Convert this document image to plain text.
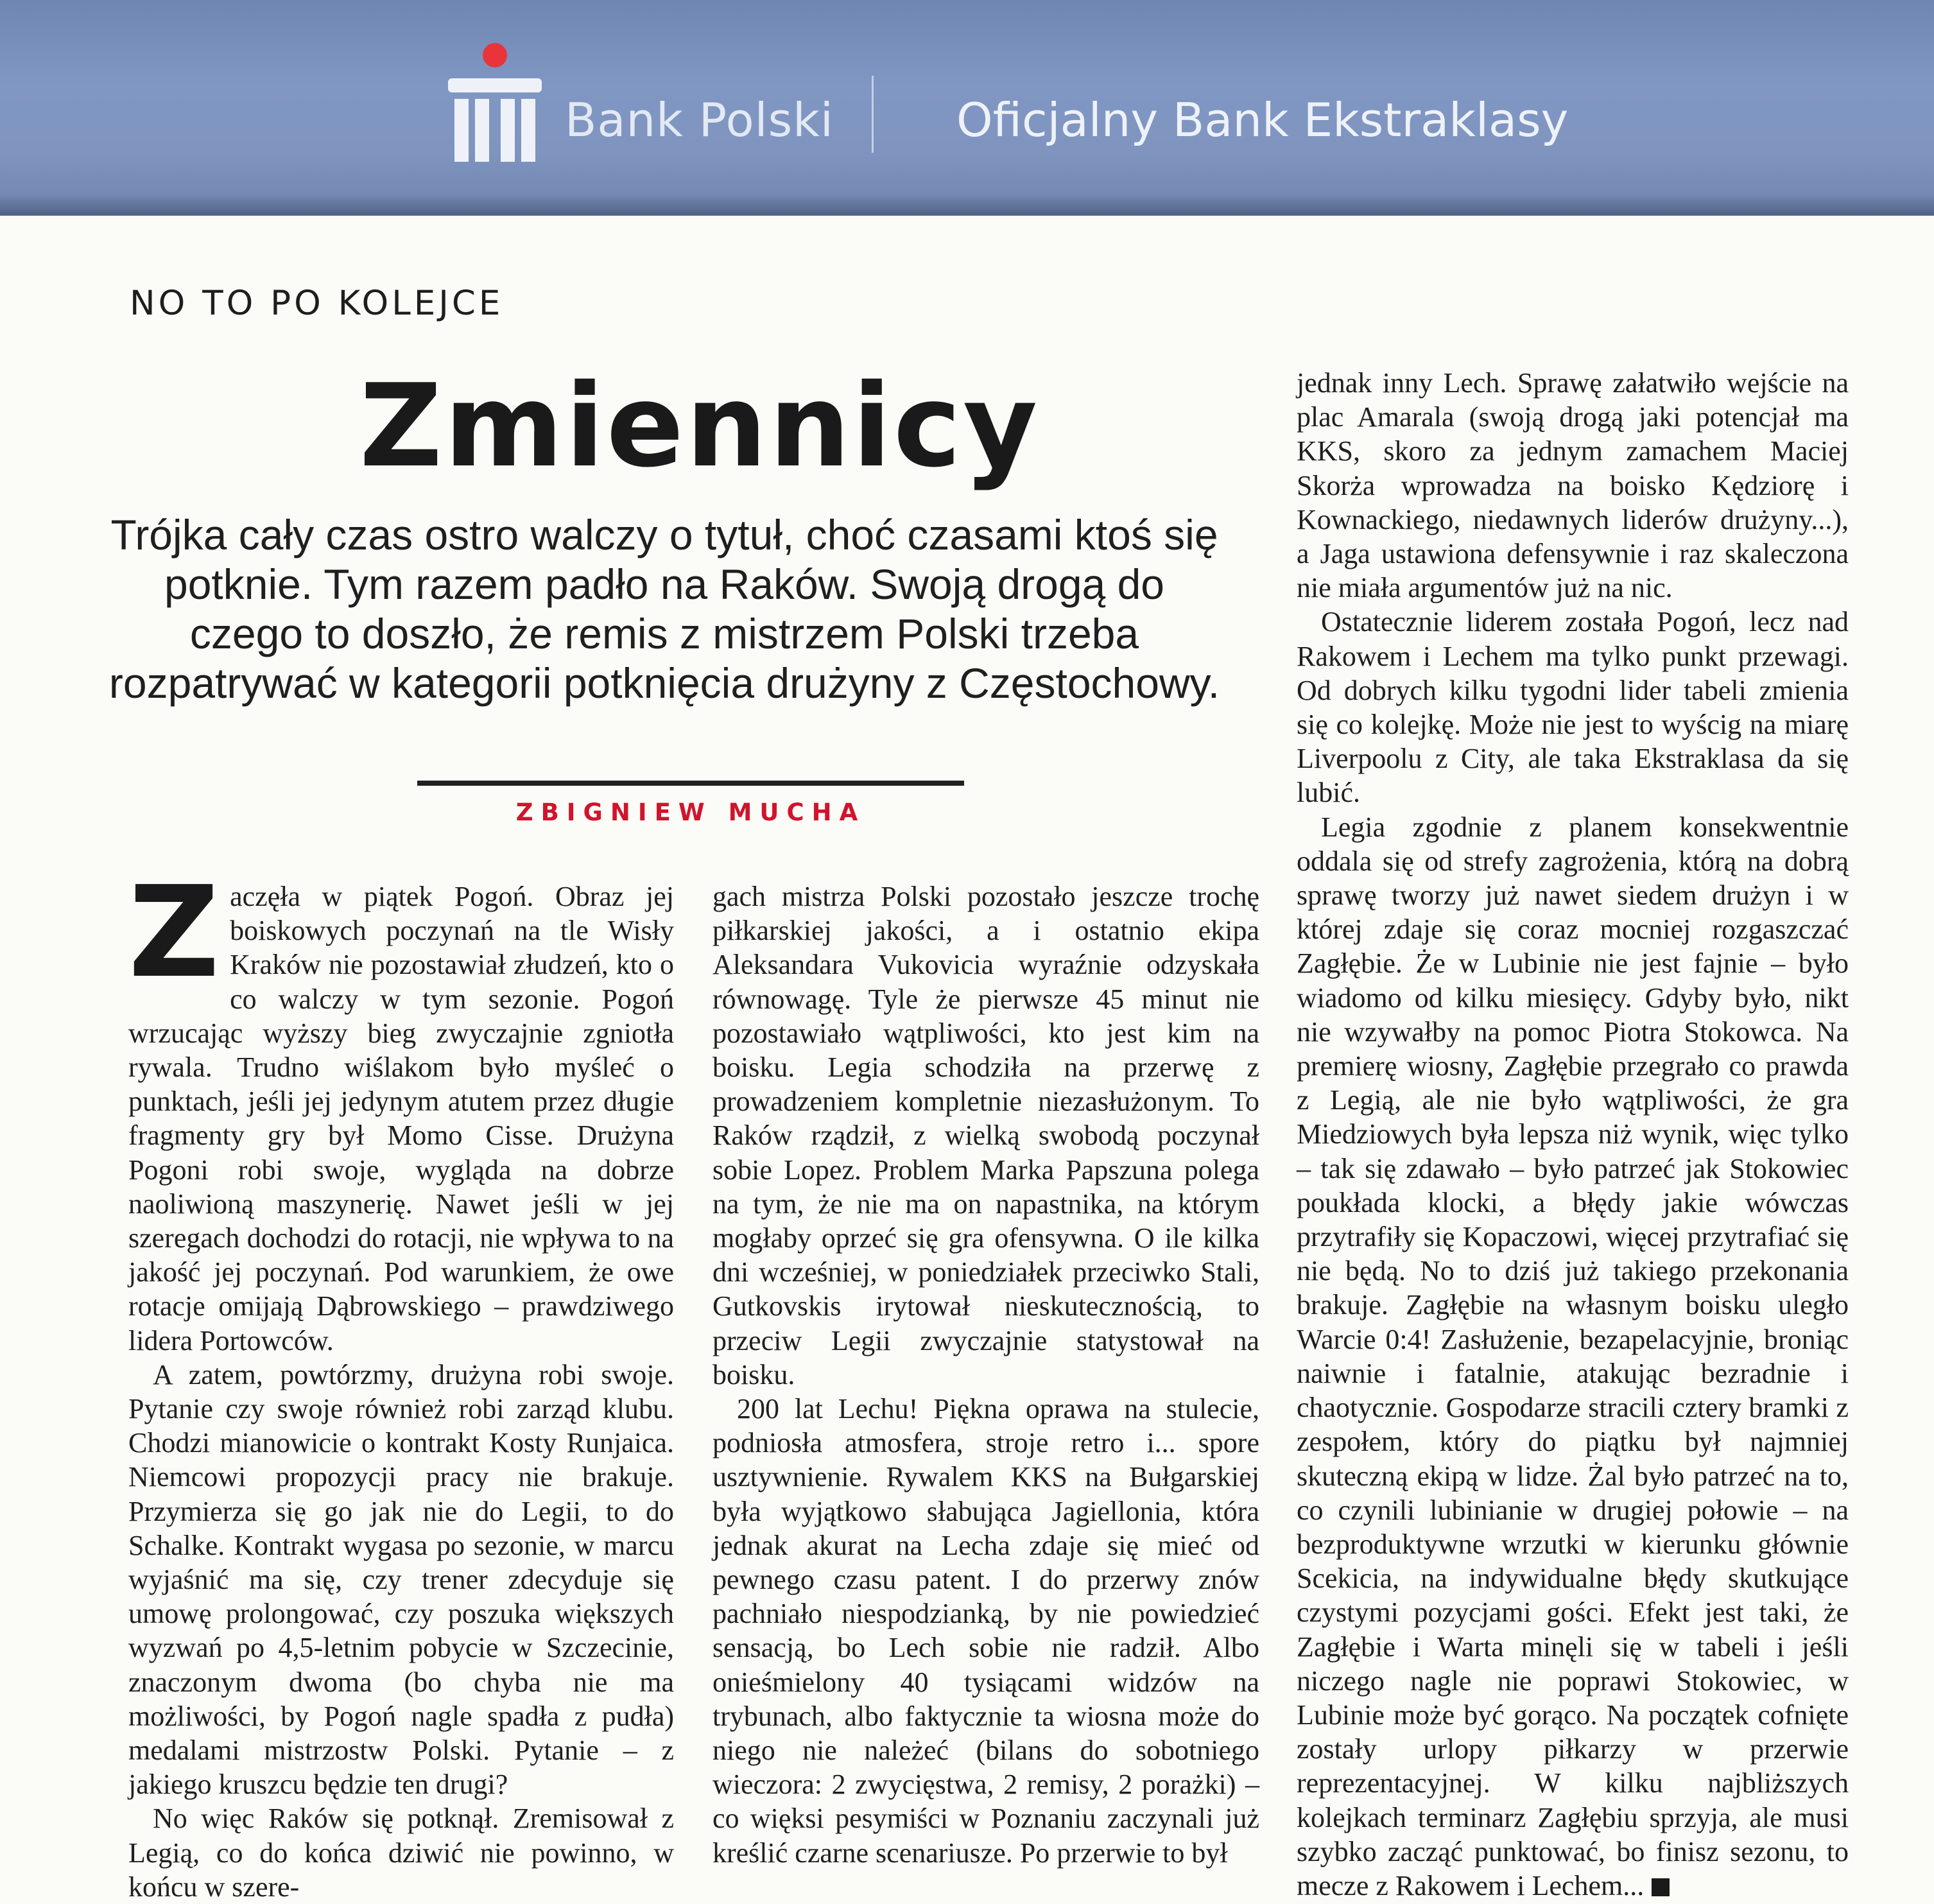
Bank Polski	Oficjalny Bank Ekstraklasy
NO TO PO KOLEJCE
Zmiennicy
Trójka cały czas ostro walczy o tytuł, choć czasami ktoś się potknie. Tym razem padło na Raków. Swoją drogą do czego to doszło, że remis z mistrzem Polski trzeba rozpatrywać w kategorii potknięcia drużyny z Częstochowy.
ZBIGNIEW MUCHA

Zaczęła w piątek Pogoń. Obraz jej boiskowych poczynań na tle Wisły Kraków nie pozostawiał złudzeń, kto o co walczy w tym sezonie. Pogoń wrzucając wyższy bieg zwyczajnie zgniotła rywala. Trudno wiślakom było myśleć o punktach, jeśli jej jedynym atutem przez długie fragmenty gry był Momo Cisse. Drużyna Pogoni robi swoje, wygląda na dobrze naoliwioną maszynerię. Nawet jeśli w jej szeregach dochodzi do rotacji, nie wpływa to na jakość jej poczynań. Pod warunkiem, że owe rotacje omijają Dąbrowskiego – prawdziwego lidera Portowców.

A zatem, powtórzmy, drużyna robi swoje. Pytanie czy swoje również robi zarząd klubu. Chodzi mianowicie o kontrakt Kosty Runjaica. Niemcowi propozycji pracy nie brakuje. Przymierza się go jak nie do Legii, to do Schalke. Kontrakt wygasa po sezonie, w marcu wyjaśnić ma się, czy trener zdecyduje się umowę prolongować, czy poszuka większych wyzwań po 4,5-letnim pobycie w Szczecinie, znaczonym dwoma (bo chyba nie ma możliwości, by Pogoń nagle spadła z pudła) medalami mistrzostw Polski. Pytanie – z jakiego kruszcu będzie ten drugi?

No więc Raków się potknął. Zremisował z Legią, co do końca dziwić nie powinno, w końcu w szere-

gach mistrza Polski pozostało jeszcze trochę piłkarskiej jakości, a i ostatnio ekipa Aleksandara Vukovicia wyraźnie odzyskała równowagę. Tyle że pierwsze 45 minut nie pozostawiało wątpliwości, kto jest kim na boisku. Legia schodziła na przerwę z prowadzeniem kompletnie niezasłużonym. To Raków rządził, z wielką swobodą poczynał sobie Lopez. Problem Marka Papszuna polega na tym, że nie ma on napastnika, na którym mogłaby oprzeć się gra ofensywna. O ile kilka dni wcześniej, w poniedziałek przeciwko Stali, Gutkovskis irytował nieskutecznością, to przeciw Legii zwyczajnie statystował na boisku.

200 lat Lechu! Piękna oprawa na stulecie, podniosła atmosfera, stroje retro i... spore usztywnienie. Rywalem KKS na Bułgarskiej była wyjątkowo słabująca Jagiellonia, która jednak akurat na Lecha zdaje się mieć od pewnego czasu patent. I do przerwy znów pachniało niespodzianką, by nie powiedzieć sensacją, bo Lech sobie nie radził. Albo onieśmielony 40 tysiącami widzów na trybunach, albo faktycznie ta wiosna może do niego nie należeć (bilans do sobotniego wieczora: 2 zwycięstwa, 2 remisy, 2 porażki) – co więksi pesymiści w Poznaniu zaczynali już kreślić czarne scenariusze. Po przerwie to był

jednak inny Lech. Sprawę załatwiło wejście na plac Amarala (swoją drogą jaki potencjał ma KKS, skoro za jednym zamachem Maciej Skorża wprowadza na boisko Kędziorę i Kownackiego, niedawnych liderów drużyny...), a Jaga ustawiona defensywnie i raz skaleczona nie miała argumentów już na nic.

Ostatecznie liderem została Pogoń, lecz nad Rakowem i Lechem ma tylko punkt przewagi. Od dobrych kilku tygodni lider tabeli zmienia się co kolejkę. Może nie jest to wyścig na miarę Liverpoolu z City, ale taka Ekstraklasa da się lubić.

Legia zgodnie z planem konsekwentnie oddala się od strefy zagrożenia, którą na dobrą sprawę tworzy już nawet siedem drużyn i w której zdaje się coraz mocniej rozgaszczać Zagłębie. Że w Lubinie nie jest fajnie – było wiadomo od kilku miesięcy. Gdyby było, nikt nie wzywałby na pomoc Piotra Stokowca. Na premierę wiosny, Zagłębie przegrało co prawda z Legią, ale nie było wątpliwości, że gra Miedziowych była lepsza niż wynik, więc tylko – tak się zdawało – było patrzeć jak Stokowiec poukłada klocki, a błędy jakie wówczas przytrafiły się Kopaczowi, więcej przytrafiać się nie będą. No to dziś już takiego przekonania brakuje. Zagłębie na własnym boisku uległo Warcie 0:4! Zasłużenie, bezapelacyjnie, broniąc naiwnie i fatalnie, atakując bezradnie i chaotycznie. Gospodarze stracili cztery bramki z zespołem, który do piątku był najmniej skuteczną ekipą w lidze. Żal było patrzeć na to, co czynili lubinianie w drugiej połowie – na bezproduktywne wrzutki w kierunku głównie Scekicia, na indywidualne błędy skutkujące czystymi pozycjami gości. Efekt jest taki, że Zagłębie i Warta minęli się w tabeli i jeśli niczego nagle nie poprawi Stokowiec, w Lubinie może być gorąco. Na początek cofnięte zostały urlopy piłkarzy w przerwie reprezentacyjnej. W kilku najbliższych kolejkach terminarz Zagłębiu sprzyja, ale musi szybko zacząć punktować, bo finisz sezonu, to mecze z Rakowem i Lechem...
